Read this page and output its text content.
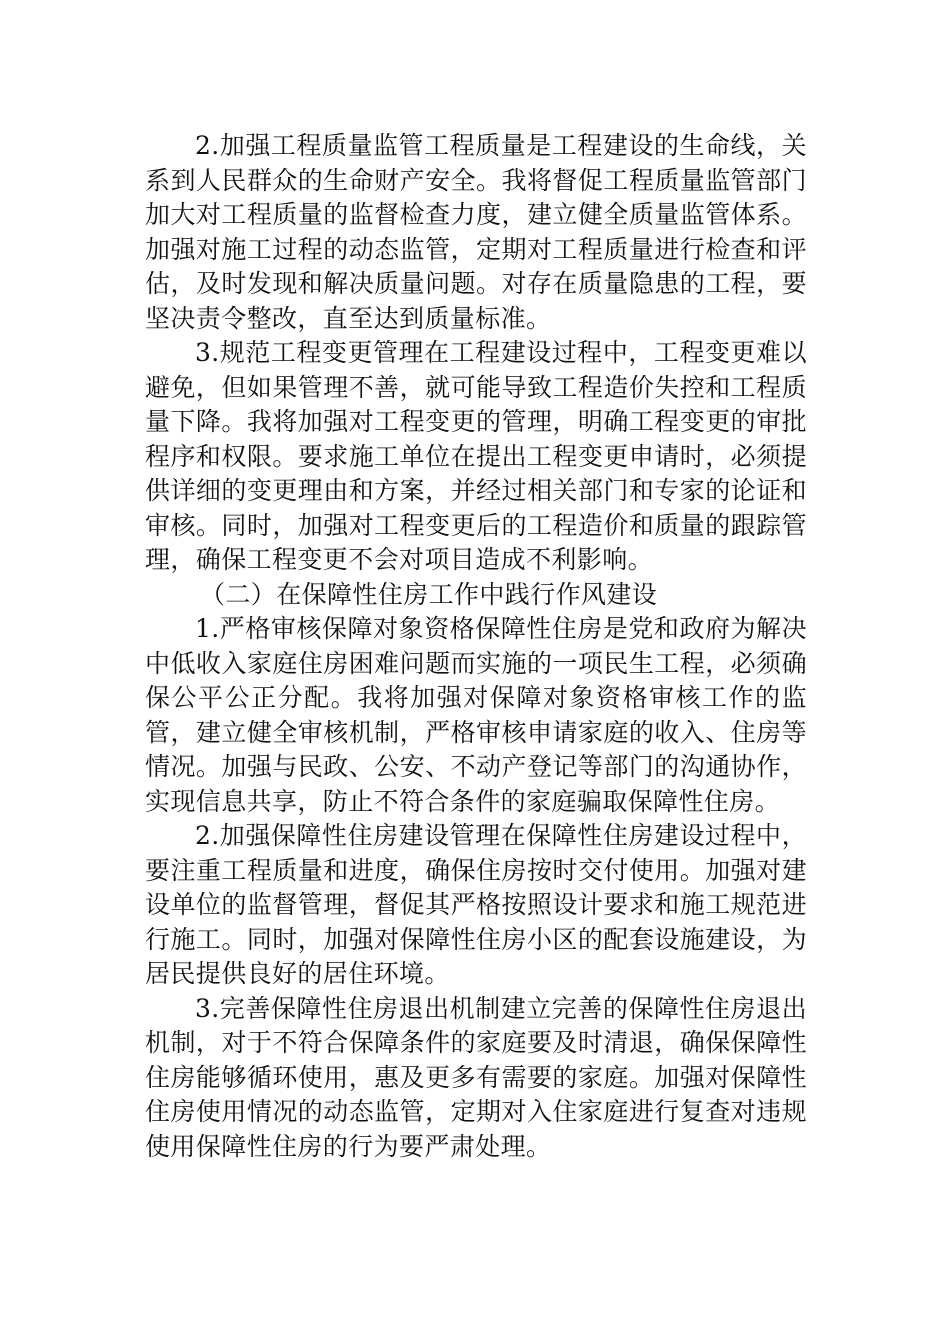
2.加强工程质量监管工程质量是工程建设的生命线，关系到人民群众的生命财产安全。我将督促工程质量监管部门加大对工程质量的监督检查力度，建立健全质量监管体系。加强对施工过程的动态监管，定期对工程质量进行检查和评估，及时发现和解决质量问题。对存在质量隐患的工程，要坚决责令整改，直至达到质量标准。

3.规范工程变更管理在工程建设过程中，工程变更难以避免，但如果管理不善，就可能导致工程造价失控和工程质量下降。我将加强对工程变更的管理，明确工程变更的审批程序和权限。要求施工单位在提出工程变更申请时，必须提供详细的变更理由和方案，并经过相关部门和专家的论证和审核。同时，加强对工程变更后的工程造价和质量的跟踪管理，确保工程变更不会对项目造成不利影响。

（二）在保障性住房工作中践行作风建设

1.严格审核保障对象资格保障性住房是党和政府为解决中低收入家庭住房困难问题而实施的一项民生工程，必须确保公平公正分配。我将加强对保障对象资格审核工作的监管，建立健全审核机制，严格审核申请家庭的收入、住房等情况。加强与民政、公安、不动产登记等部门的沟通协作，实现信息共享，防止不符合条件的家庭骗取保障性住房。

2.加强保障性住房建设管理在保障性住房建设过程中，要注重工程质量和进度，确保住房按时交付使用。加强对建设单位的监督管理，督促其严格按照设计要求和施工规范进行施工。同时，加强对保障性住房小区的配套设施建设，为居民提供良好的居住环境。

3.完善保障性住房退出机制建立完善的保障性住房退出机制，对于不符合保障条件的家庭要及时清退，确保保障性住房能够循环使用，惠及更多有需要的家庭。加强对保障性住房使用情况的动态监管，定期对入住家庭进行复查对违规使用保障性住房的行为要严肃处理。
